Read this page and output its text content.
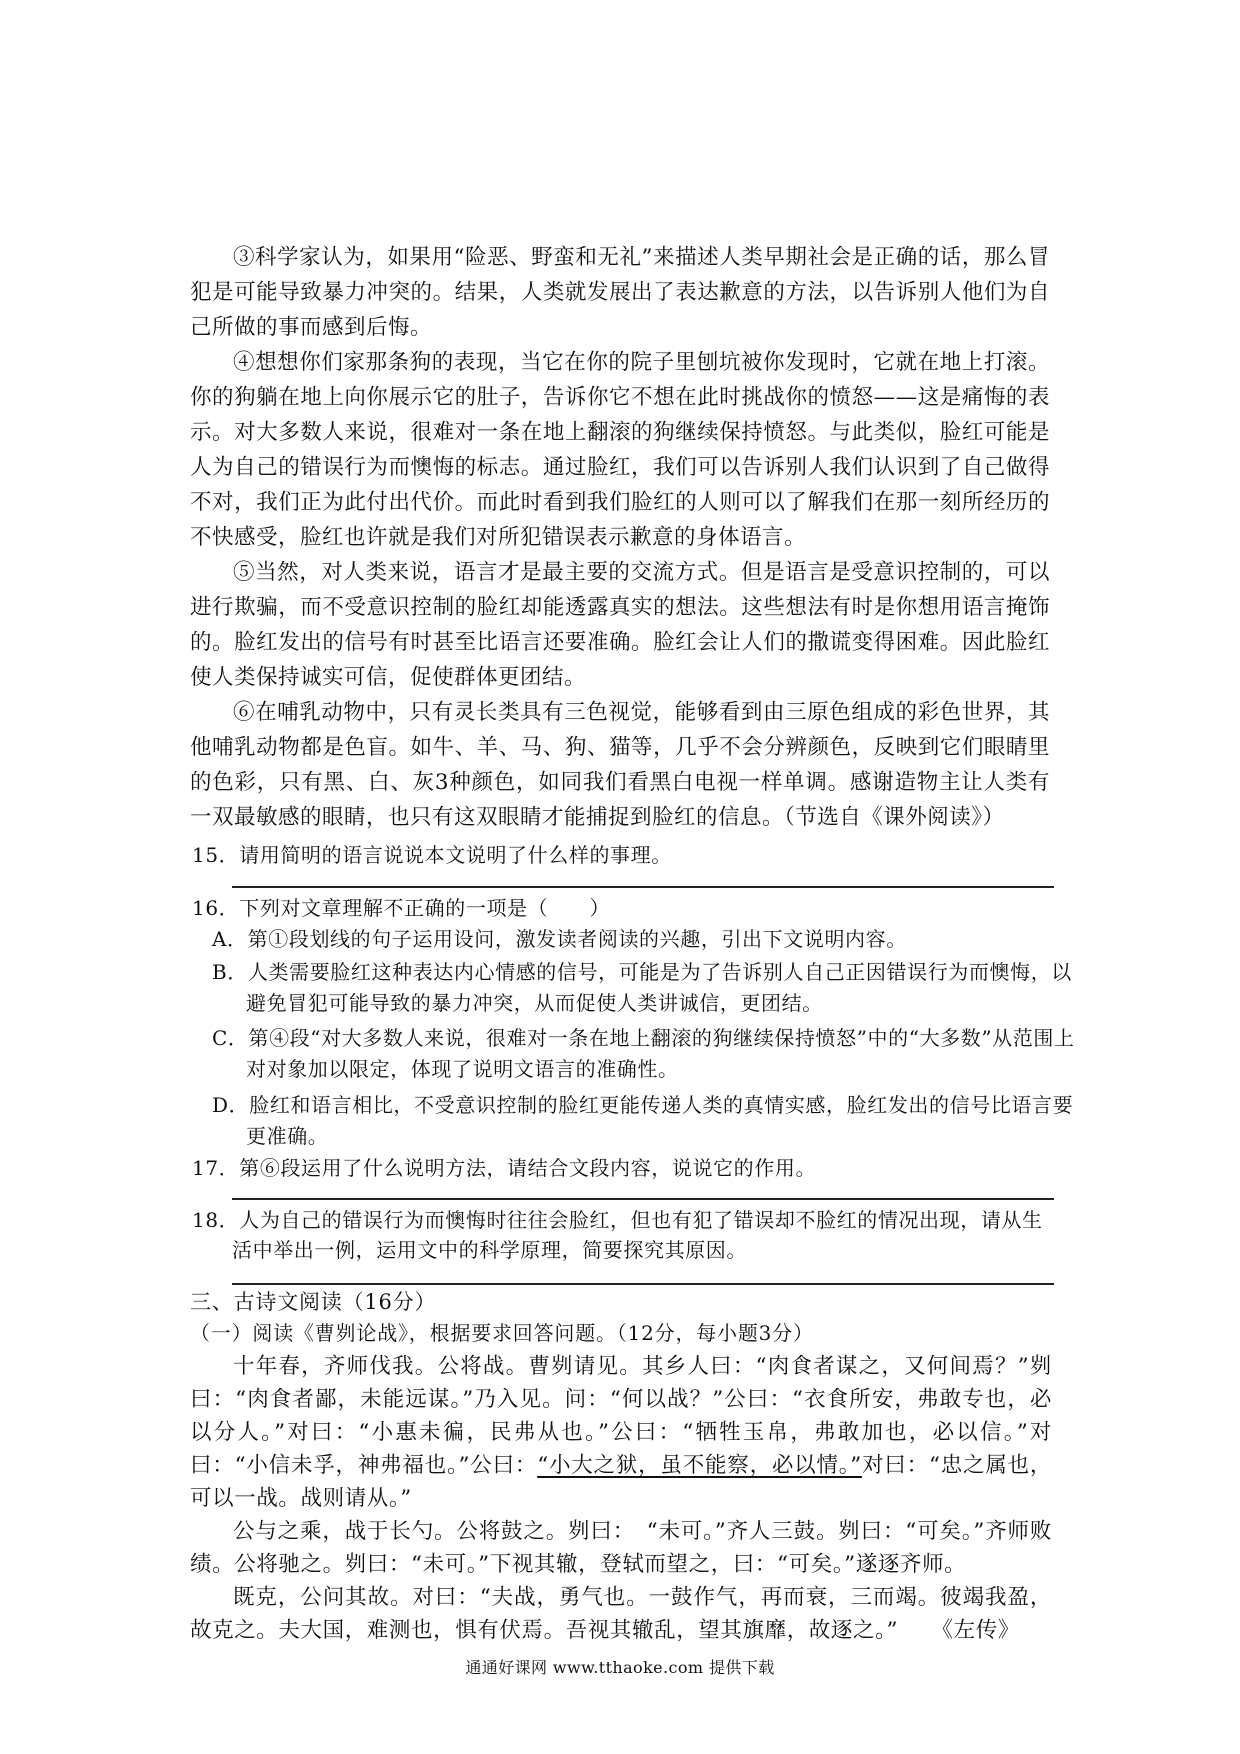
③科学家认为，如果用“险恶、野蛮和无礼”来描述人类早期社会是正确的话，那么冒犯是可能导致暴力冲突的。结果，人类就发展出了表达歉意的方法，以告诉别人他们为自己所做的事而感到后悔。

④想想你们家那条狗的表现，当它在你的院子里刨坑被你发现时，它就在地上打滚。你的狗躺在地上向你展示它的肚子，告诉你它不想在此时挑战你的愤怒——这是痛悔的表示。对大多数人来说，很难对一条在地上翻滚的狗继续保持愤怒。与此类似，脸红可能是人为自己的错误行为而懊悔的标志。通过脸红，我们可以告诉别人我们认识到了自己做得不对，我们正为此付出代价。而此时看到我们脸红的人则可以了解我们在那一刻所经历的不快感受，脸红也许就是我们对所犯错误表示歉意的身体语言。

⑤当然，对人类来说，语言才是最主要的交流方式。但是语言是受意识控制的，可以进行欺骗，而不受意识控制的脸红却能透露真实的想法。这些想法有时是你想用语言掩饰的。脸红发出的信号有时甚至比语言还要准确。脸红会让人们的撒谎变得困难。因此脸红使人类保持诚实可信，促使群体更团结。

⑥在哺乳动物中，只有灵长类具有三色视觉，能够看到由三原色组成的彩色世界，其他哺乳动物都是色盲。如牛、羊、马、狗、猫等，几乎不会分辨颜色，反映到它们眼睛里的色彩，只有黑、白、灰3种颜色，如同我们看黑白电视一样单调。感谢造物主让人类有一双最敏感的眼睛，也只有这双眼睛才能捕捉到脸红的信息。（节选自《课外阅读》）

15．请用简明的语言说说本文说明了什么样的事理。

16．下列对文章理解不正确的一项是（　　）

A．第①段划线的句子运用设问，激发读者阅读的兴趣，引出下文说明内容。

B．人类需要脸红这种表达内心情感的信号，可能是为了告诉别人自己正因错误行为而懊悔，以避免冒犯可能导致的暴力冲突，从而促使人类讲诚信，更团结。

C．第④段“对大多数人来说，很难对一条在地上翻滚的狗继续保持愤怒”中的“大多数”从范围上对对象加以限定，体现了说明文语言的准确性。

D．脸红和语言相比，不受意识控制的脸红更能传递人类的真情实感，脸红发出的信号比语言要更准确。

17．第⑥段运用了什么说明方法，请结合文段内容，说说它的作用。

18．人为自己的错误行为而懊悔时往往会脸红，但也有犯了错误却不脸红的情况出现，请从生活中举出一例，运用文中的科学原理，简要探究其原因。

三、古诗文阅读（16分）

（一）阅读《曹刿论战》，根据要求回答问题。（12分，每小题3分）

十年春，齐师伐我。公将战。曹刿请见。其乡人曰：“肉食者谋之，又何间焉？”刿曰：“肉食者鄙，未能远谋。”乃入见。问：“何以战？”公曰：“衣食所安，弗敢专也，必以分人。”对曰：“小惠未徧，民弗从也。”公曰：“牺牲玉帛，弗敢加也，必以信。”对曰：“小信未孚，神弗福也。”公曰：“小大之狱，虽不能察，必以情。”对曰：“忠之属也，可以一战。战则请从。”

公与之乘，战于长勺。公将鼓之。刿曰：　“未可。”齐人三鼓。刿曰：“可矣。”齐师败绩。公将驰之。刿曰：“未可。”下视其辙，登轼而望之，曰：“可矣。”遂逐齐师。

既克，公问其故。对曰：“夫战，勇气也。一鼓作气，再而衰，三而竭。彼竭我盈，故克之。夫大国，难测也，惧有伏焉。吾视其辙乱，望其旗靡，故逐之。”　　《左传》

通通好课网 www.tthaoke.com 提供下载
